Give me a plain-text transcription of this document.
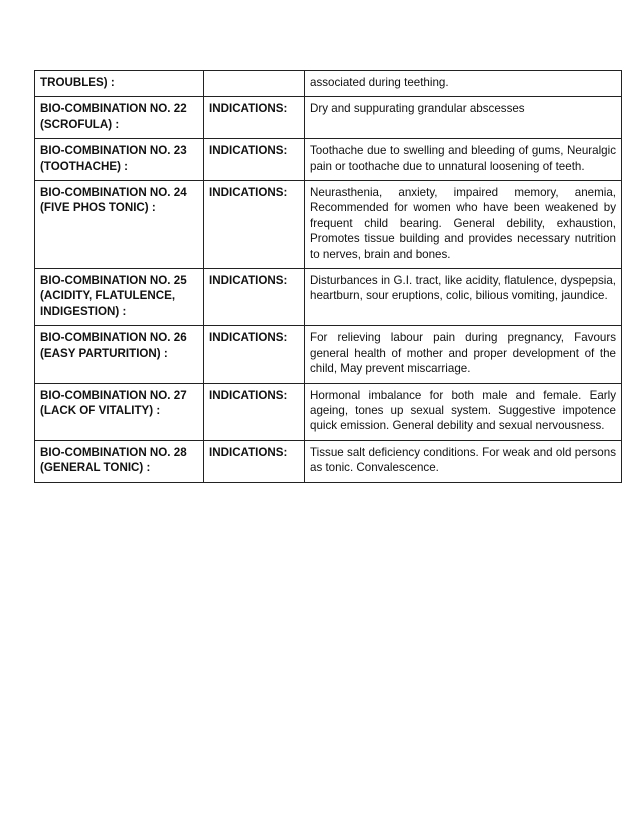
TROUBLES) :		associated during teething.
BIO-COMBINATION NO. 22 (SCROFULA) :	INDICATIONS:	Dry and suppurating grandular abscesses
BIO-COMBINATION NO. 23 (TOOTHACHE) :	INDICATIONS:	Toothache due to swelling and bleeding of gums, Neuralgic pain or toothache due to unnatural loosening of teeth.
BIO-COMBINATION NO. 24 (FIVE PHOS TONIC) :	INDICATIONS:	Neurasthenia, anxiety, impaired memory, anemia, Recommended for women who have been weakened by frequent child bearing. General debility, exhaustion, Promotes tissue building and provides necessary nutrition to nerves, brain and bones.
BIO-COMBINATION NO. 25 (ACIDITY, FLATULENCE, INDIGESTION) :	INDICATIONS:	Disturbances in G.I. tract, like acidity, flatulence, dyspepsia, heartburn, sour eruptions, colic, bilious vomiting, jaundice.
BIO-COMBINATION NO. 26 (EASY PARTURITION) :	INDICATIONS:	For relieving labour pain during pregnancy, Favours general health of mother and proper development of the child, May prevent miscarriage.
BIO-COMBINATION NO. 27 (LACK OF VITALITY) :	INDICATIONS:	Hormonal imbalance for both male and female. Early ageing, tones up sexual system. Suggestive impotence quick emission. General debility and sexual nervousness.
BIO-COMBINATION NO. 28 (GENERAL TONIC) :	INDICATIONS:	Tissue salt deficiency conditions. For weak and old persons as tonic. Convalescence.
